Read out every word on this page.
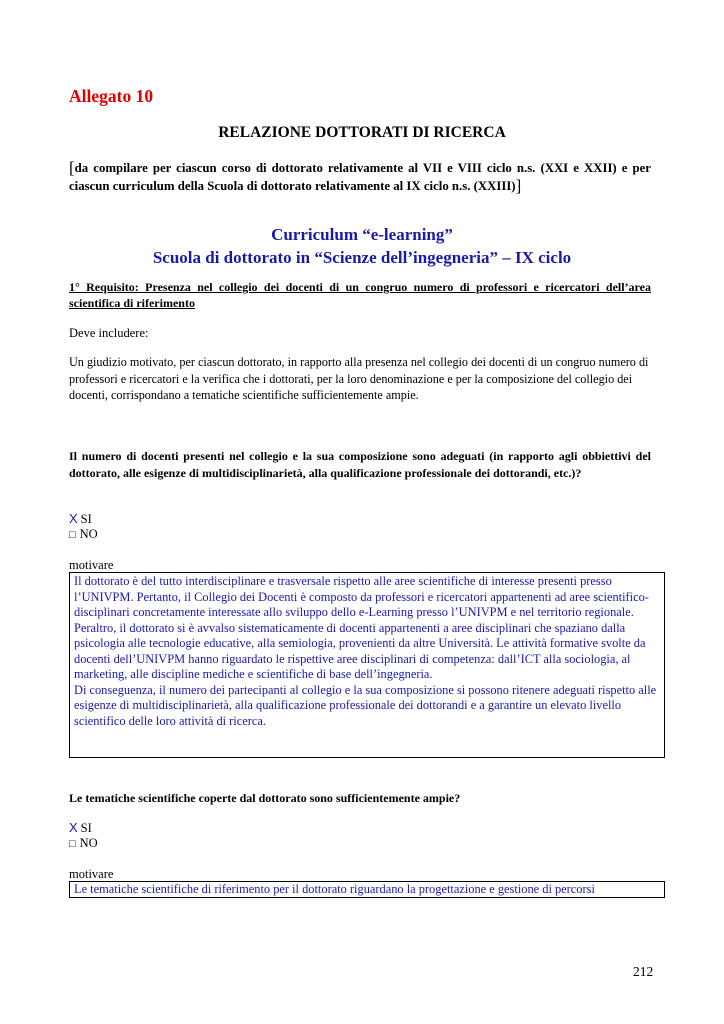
Allegato 10
RELAZIONE DOTTORATI DI RICERCA
[da compilare per ciascun corso di dottorato relativamente al VII e VIII ciclo n.s. (XXI e XXII) e per ciascun curriculum della Scuola di dottorato relativamente al IX ciclo n.s. (XXIII)]
Curriculum “e-learning”
Scuola di dottorato in “Scienze dell’ingegneria” – IX ciclo
1° Requisito: Presenza nel collegio dei docenti di un congruo numero di professori e ricercatori dell’area scientifica di riferimento
Deve includere:
Un giudizio motivato, per ciascun dottorato, in rapporto alla presenza nel collegio dei docenti di un congruo numero di professori e ricercatori e la verifica che i dottorati, per la loro denominazione e per la composizione del collegio dei docenti, corrispondano a tematiche scientifiche sufficientemente ampie.
Il numero di docenti presenti nel collegio e la sua composizione sono adeguati (in rapporto agli obbiettivi del dottorato, alle esigenze di multidisciplinarietà, alla qualificazione professionale dei dottorandi, etc.)?
X SI
□ NO
motivare
Il dottorato è del tutto interdisciplinare e trasversale rispetto alle aree scientifiche di interesse presenti presso l’UNIVPM. Pertanto, il Collegio dei Docenti è composto da professori e ricercatori appartenenti ad aree scientifico-disciplinari concretamente interessate allo sviluppo dello e-Learning presso l’UNIVPM e nel territorio regionale. Peraltro, il dottorato si è avvalso sistematicamente di docenti appartenenti a aree disciplinari che spaziano dalla psicologia alle tecnologie educative, alla semiologia, provenienti da altre Università. Le attività formative svolte da docenti dell’UNIVPM hanno riguardato le rispettive aree disciplinari di competenza: dall’ICT alla sociologia, al marketing, alle discipline mediche e scientifiche di base dell’ingegneria.
Di conseguenza, il numero dei partecipanti al collegio e la sua composizione si possono ritenere adeguati rispetto alle esigenze di multidisciplinarietà, alla qualificazione professionale dei dottorandi e a garantire un elevato livello scientifico delle loro attività di ricerca.
Le tematiche scientifiche coperte dal dottorato sono sufficientemente ampie?
X SI
□ NO
motivare
Le tematiche scientifiche di riferimento per il dottorato riguardano la progettazione e gestione di percorsi
212
